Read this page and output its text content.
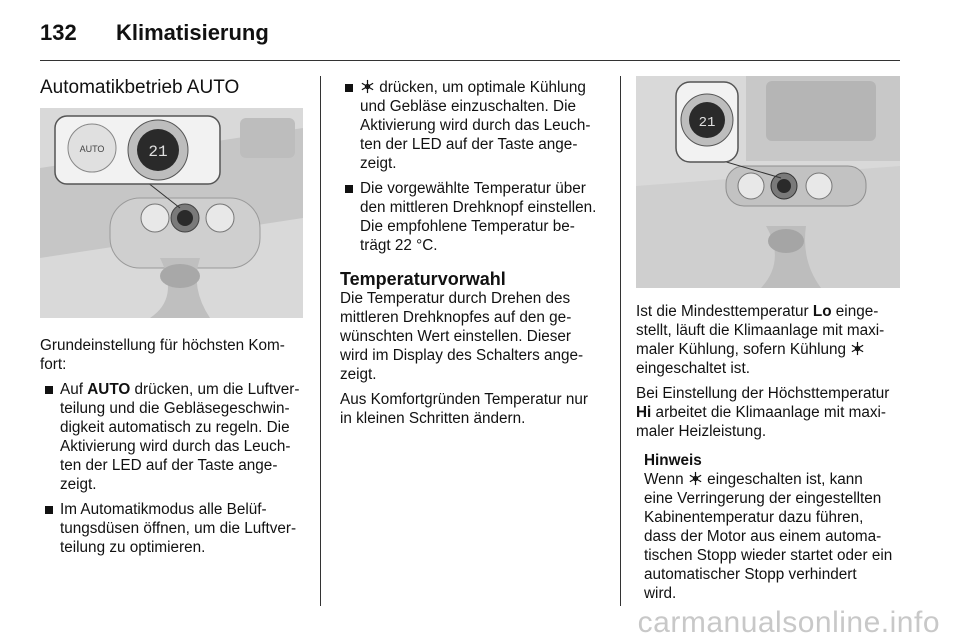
132 Klimatisierung
Automatikbetrieb AUTO
AUTO	21

Grundeinstellung für höchsten Kom-
fort:

Auf AUTO drücken, um die Luftver-
teilung und die Gebläsegeschwin-
digkeit automatisch zu regeln. Die
Aktivierung wird durch das Leuch-
ten der LED auf der Taste ange-
zeigt.
Im Automatikmodus alle Belüf-
tungsdüsen öffnen, um die Luftver-
teilung zu optimieren.
drücken, um optimale Kühlung
und Gebläse einzuschalten. Die
Aktivierung wird durch das Leuch-
ten der LED auf der Taste ange-
zeigt.
Die vorgewählte Temperatur über
den mittleren Drehknopf einstellen.
Die empfohlene Temperatur be-
trägt 22 °C.
Temperaturvorwahl

Die Temperatur durch Drehen des
mittleren Drehknopfes auf den ge-
wünschten Wert einstellen. Dieser
wird im Display des Schalters ange-
zeigt.

Aus Komfortgründen Temperatur nur
in kleinen Schritten ändern.

21

Ist die Mindesttemperatur Lo einge-
stellt, läuft die Klimaanlage mit maxi-
maler Kühlung, sofern Kühlung
eingeschaltet ist.

Bei Einstellung der Höchsttemperatur
Hi arbeitet die Klimaanlage mit maxi-
maler Heizleistung.

Hinweis

Wenn  eingeschalten ist, kann
eine Verringerung der eingestellten
Kabinentemperatur dazu führen,
dass der Motor aus einem automa-
tischen Stopp wieder startet oder ein
automatischer Stopp verhindert
wird.

carmanualsonline.info
